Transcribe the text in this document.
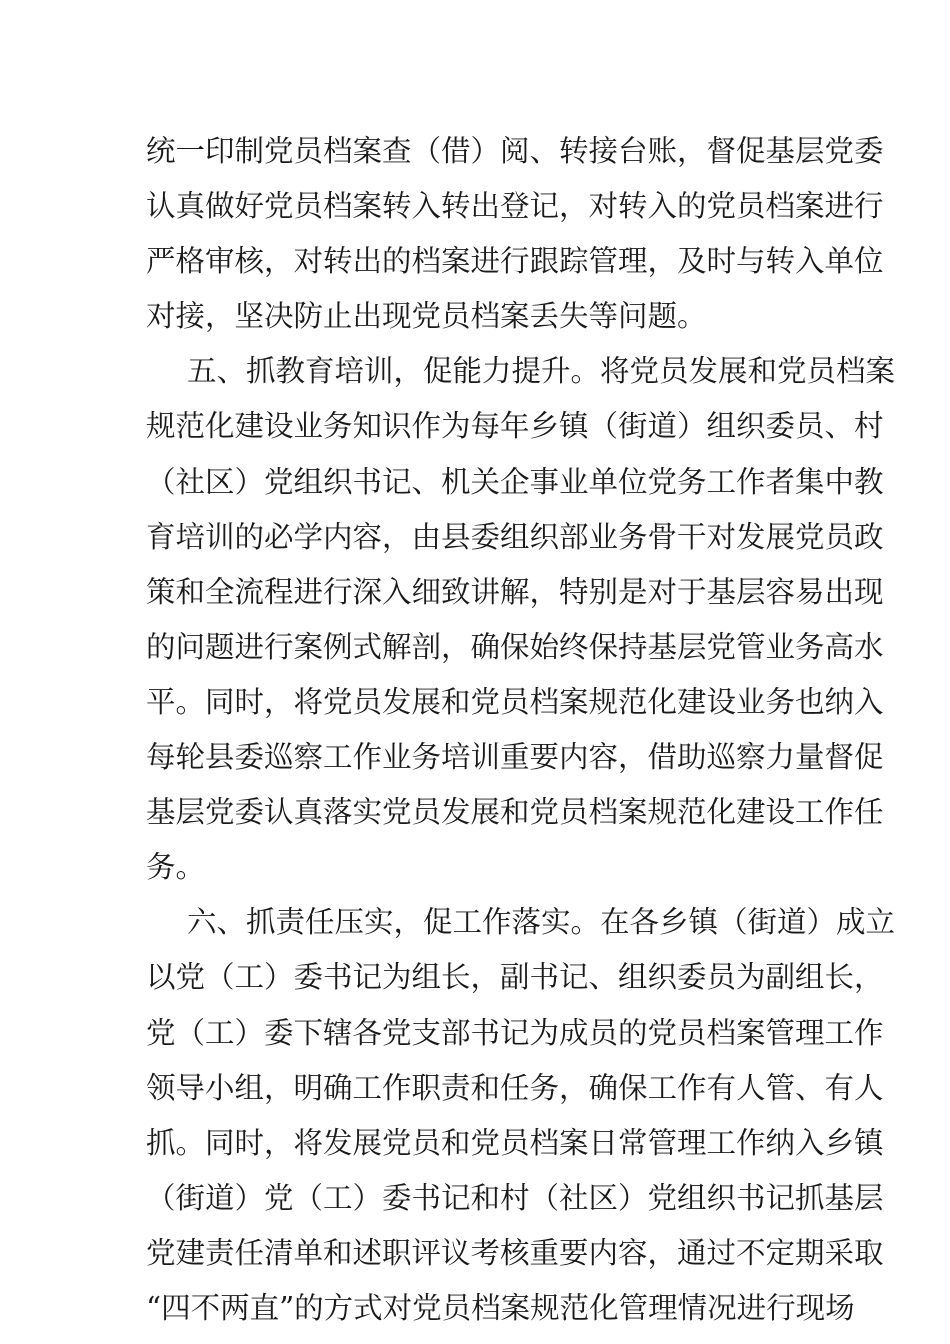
统一印制党员档案查（借）阅、转接台账，督促基层党委
认真做好党员档案转入转出登记，对转入的党员档案进行
严格审核，对转出的档案进行跟踪管理，及时与转入单位
对接，坚决防止出现党员档案丢失等问题。
五、抓教育培训，促能力提升。将党员发展和党员档案
规范化建设业务知识作为每年乡镇（街道）组织委员、村
（社区）党组织书记、机关企事业单位党务工作者集中教
育培训的必学内容，由县委组织部业务骨干对发展党员政
策和全流程进行深入细致讲解，特别是对于基层容易出现
的问题进行案例式解剖，确保始终保持基层党管业务高水
平。同时，将党员发展和党员档案规范化建设业务也纳入
每轮县委巡察工作业务培训重要内容，借助巡察力量督促
基层党委认真落实党员发展和党员档案规范化建设工作任
务。
六、抓责任压实，促工作落实。在各乡镇（街道）成立
以党（工）委书记为组长，副书记、组织委员为副组长，
党（工）委下辖各党支部书记为成员的党员档案管理工作
领导小组，明确工作职责和任务，确保工作有人管、有人
抓。同时，将发展党员和党员档案日常管理工作纳入乡镇
（街道）党（工）委书记和村（社区）党组织书记抓基层
党建责任清单和述职评议考核重要内容，通过不定期采取
“四不两直”的方式对党员档案规范化管理情况进行现场
